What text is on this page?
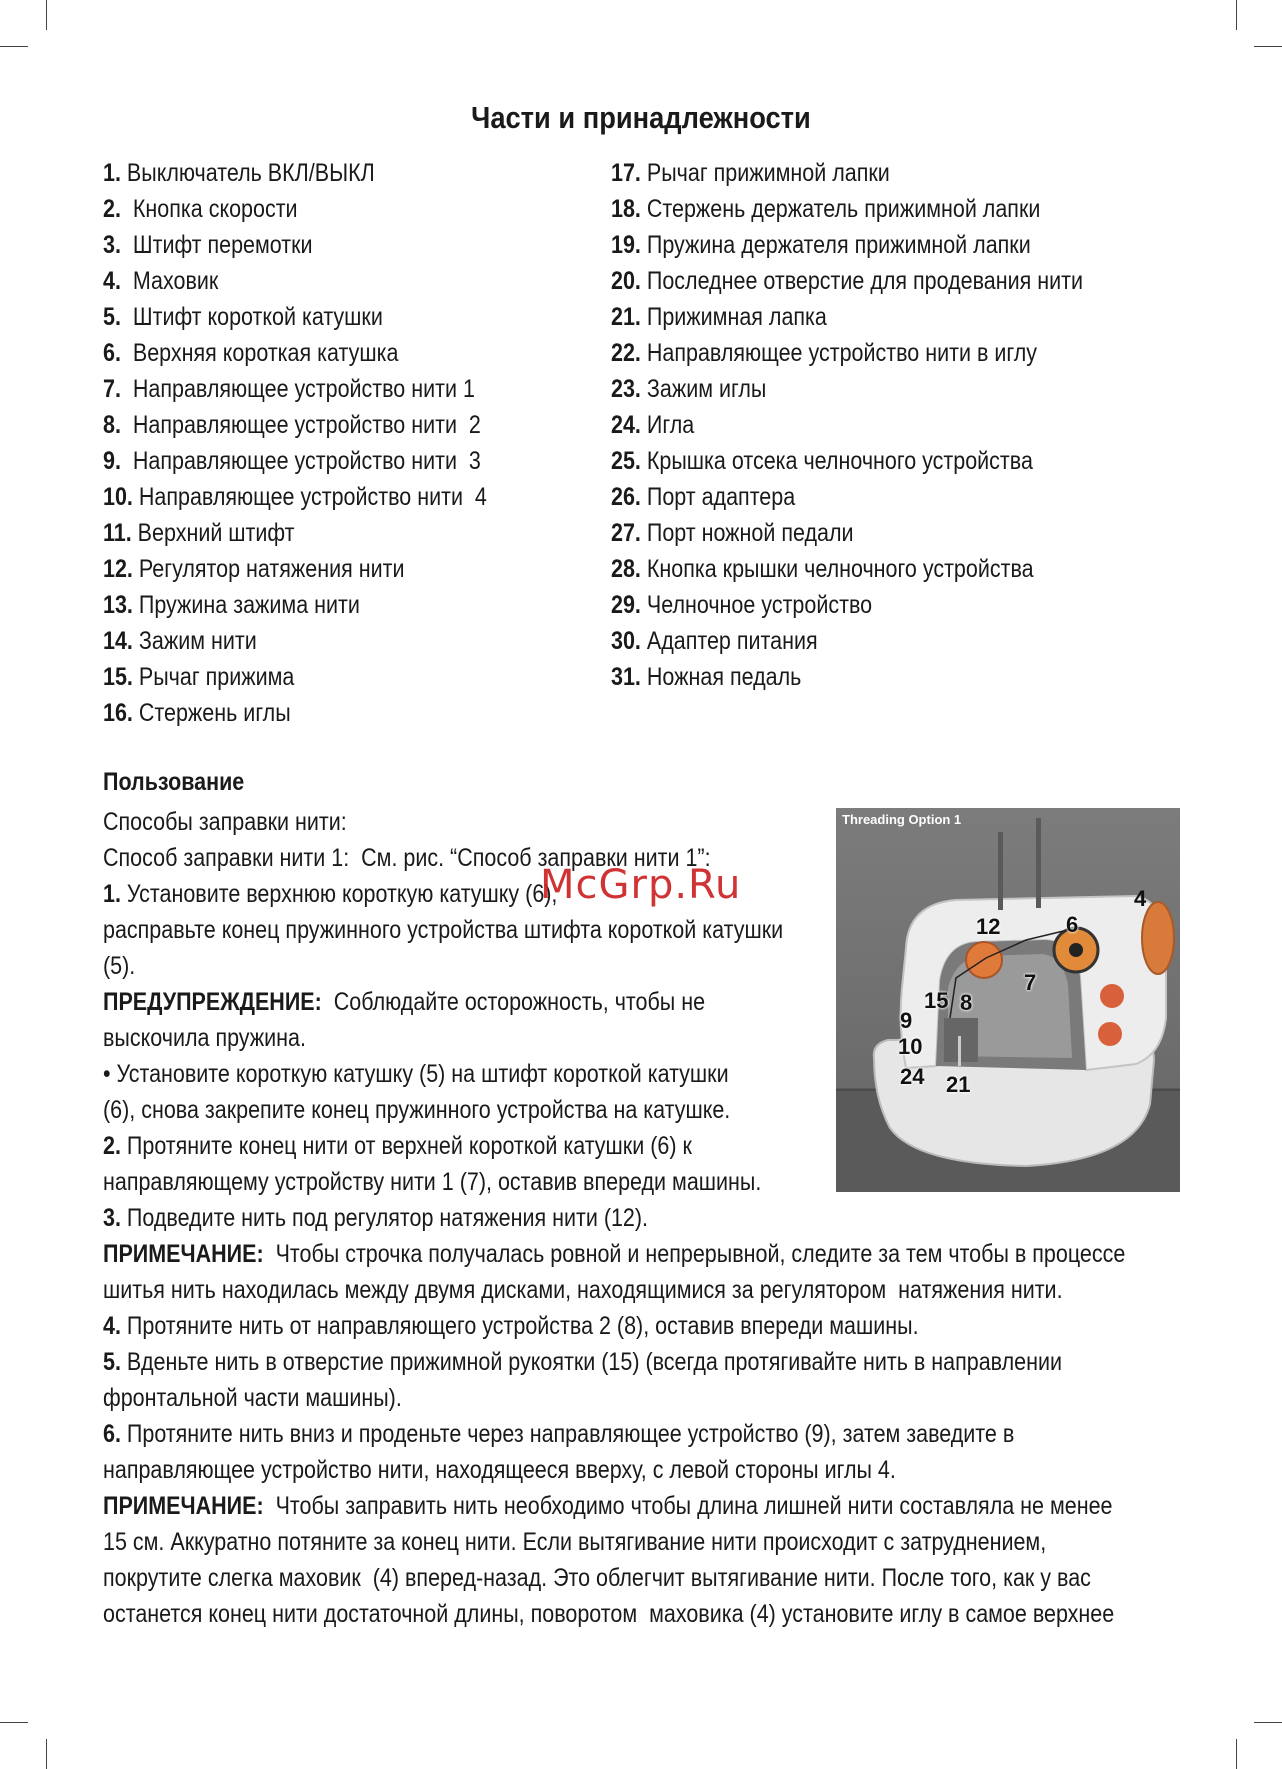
Части и принадлежности
1. Выключатель ВКЛ/ВЫКЛ
2.  Кнопка скорости
3.  Штифт перемотки
4.  Маховик
5.  Штифт короткой катушки
6.  Верхняя короткая катушка
7.  Направляющее устройство нити 1
8.  Направляющее устройство нити  2
9.  Направляющее устройство нити  3
10. Направляющее устройство нити  4
11. Верхний штифт
12. Регулятор натяжения нити
13. Пружина зажима нити
14. Зажим нити
15. Рычаг прижима
16. Стержень иглы
17. Рычаг прижимной лапки
18. Стержень держатель прижимной лапки
19. Пружина держателя прижимной лапки
20. Последнее отверстие для продевания нити
21. Прижимная лапка
22. Направляющее устройство нити в иглу
23. Зажим иглы
24. Игла
25. Крышка отсека челночного устройства
26. Порт адаптера
27. Порт ножной педали
28. Кнопка крышки челночного устройства
29. Челночное устройство
30. Адаптер питания
31. Ножная педаль
Пользование
Способы заправки нити:
Способ заправки нити 1:  См. рис. “Способ заправки нити 1”:
1. Установите верхнюю короткую катушку (6),
расправьте конец пружинного устройства штифта короткой катушки
(5).
ПРЕДУПРЕЖДЕНИЕ:  Соблюдайте осторожность, чтобы не
выскочила пружина.
• Установите короткую катушку (5) на штифт короткой катушки
(6), снова закрепите конец пружинного устройства на катушке.
2. Протяните конец нити от верхней короткой катушки (6) к
направляющему устройству нити 1 (7), оставив впереди машины.
3. Подведите нить под регулятор натяжения нити (12).
ПРИМЕЧАНИЕ:  Чтобы строчка получалась ровной и непрерывной, следите за тем чтобы в процессе
шитья нить находилась между двумя дисками, находящимися за регулятором  натяжения нити.
4. Протяните нить от направляющего устройства 2 (8), оставив впереди машины.
5. Вденьте нить в отверстие прижимной рукоятки (15) (всегда протягивайте нить в направлении
фронтальной части машины).
6. Протяните нить вниз и проденьте через направляющее устройство (9), затем заведите в
направляющее устройство нити, находящееся вверху, с левой стороны иглы 4.
ПРИМЕЧАНИЕ:  Чтобы заправить нить необходимо чтобы длина лишней нити составляла не менее
15 см. Аккуратно потяните за конец нити. Если вытягивание нити происходит с затруднением,
покрутите слегка маховик  (4) вперед-назад. Это облегчит вытягивание нити. После того, как у вас
останется конец нити достаточной длины, поворотом  маховика (4) установите иглу в самое верхнее
Threading Option 1
4
12	6
7
15 8
9
10
24 21
McGrp.Ru
